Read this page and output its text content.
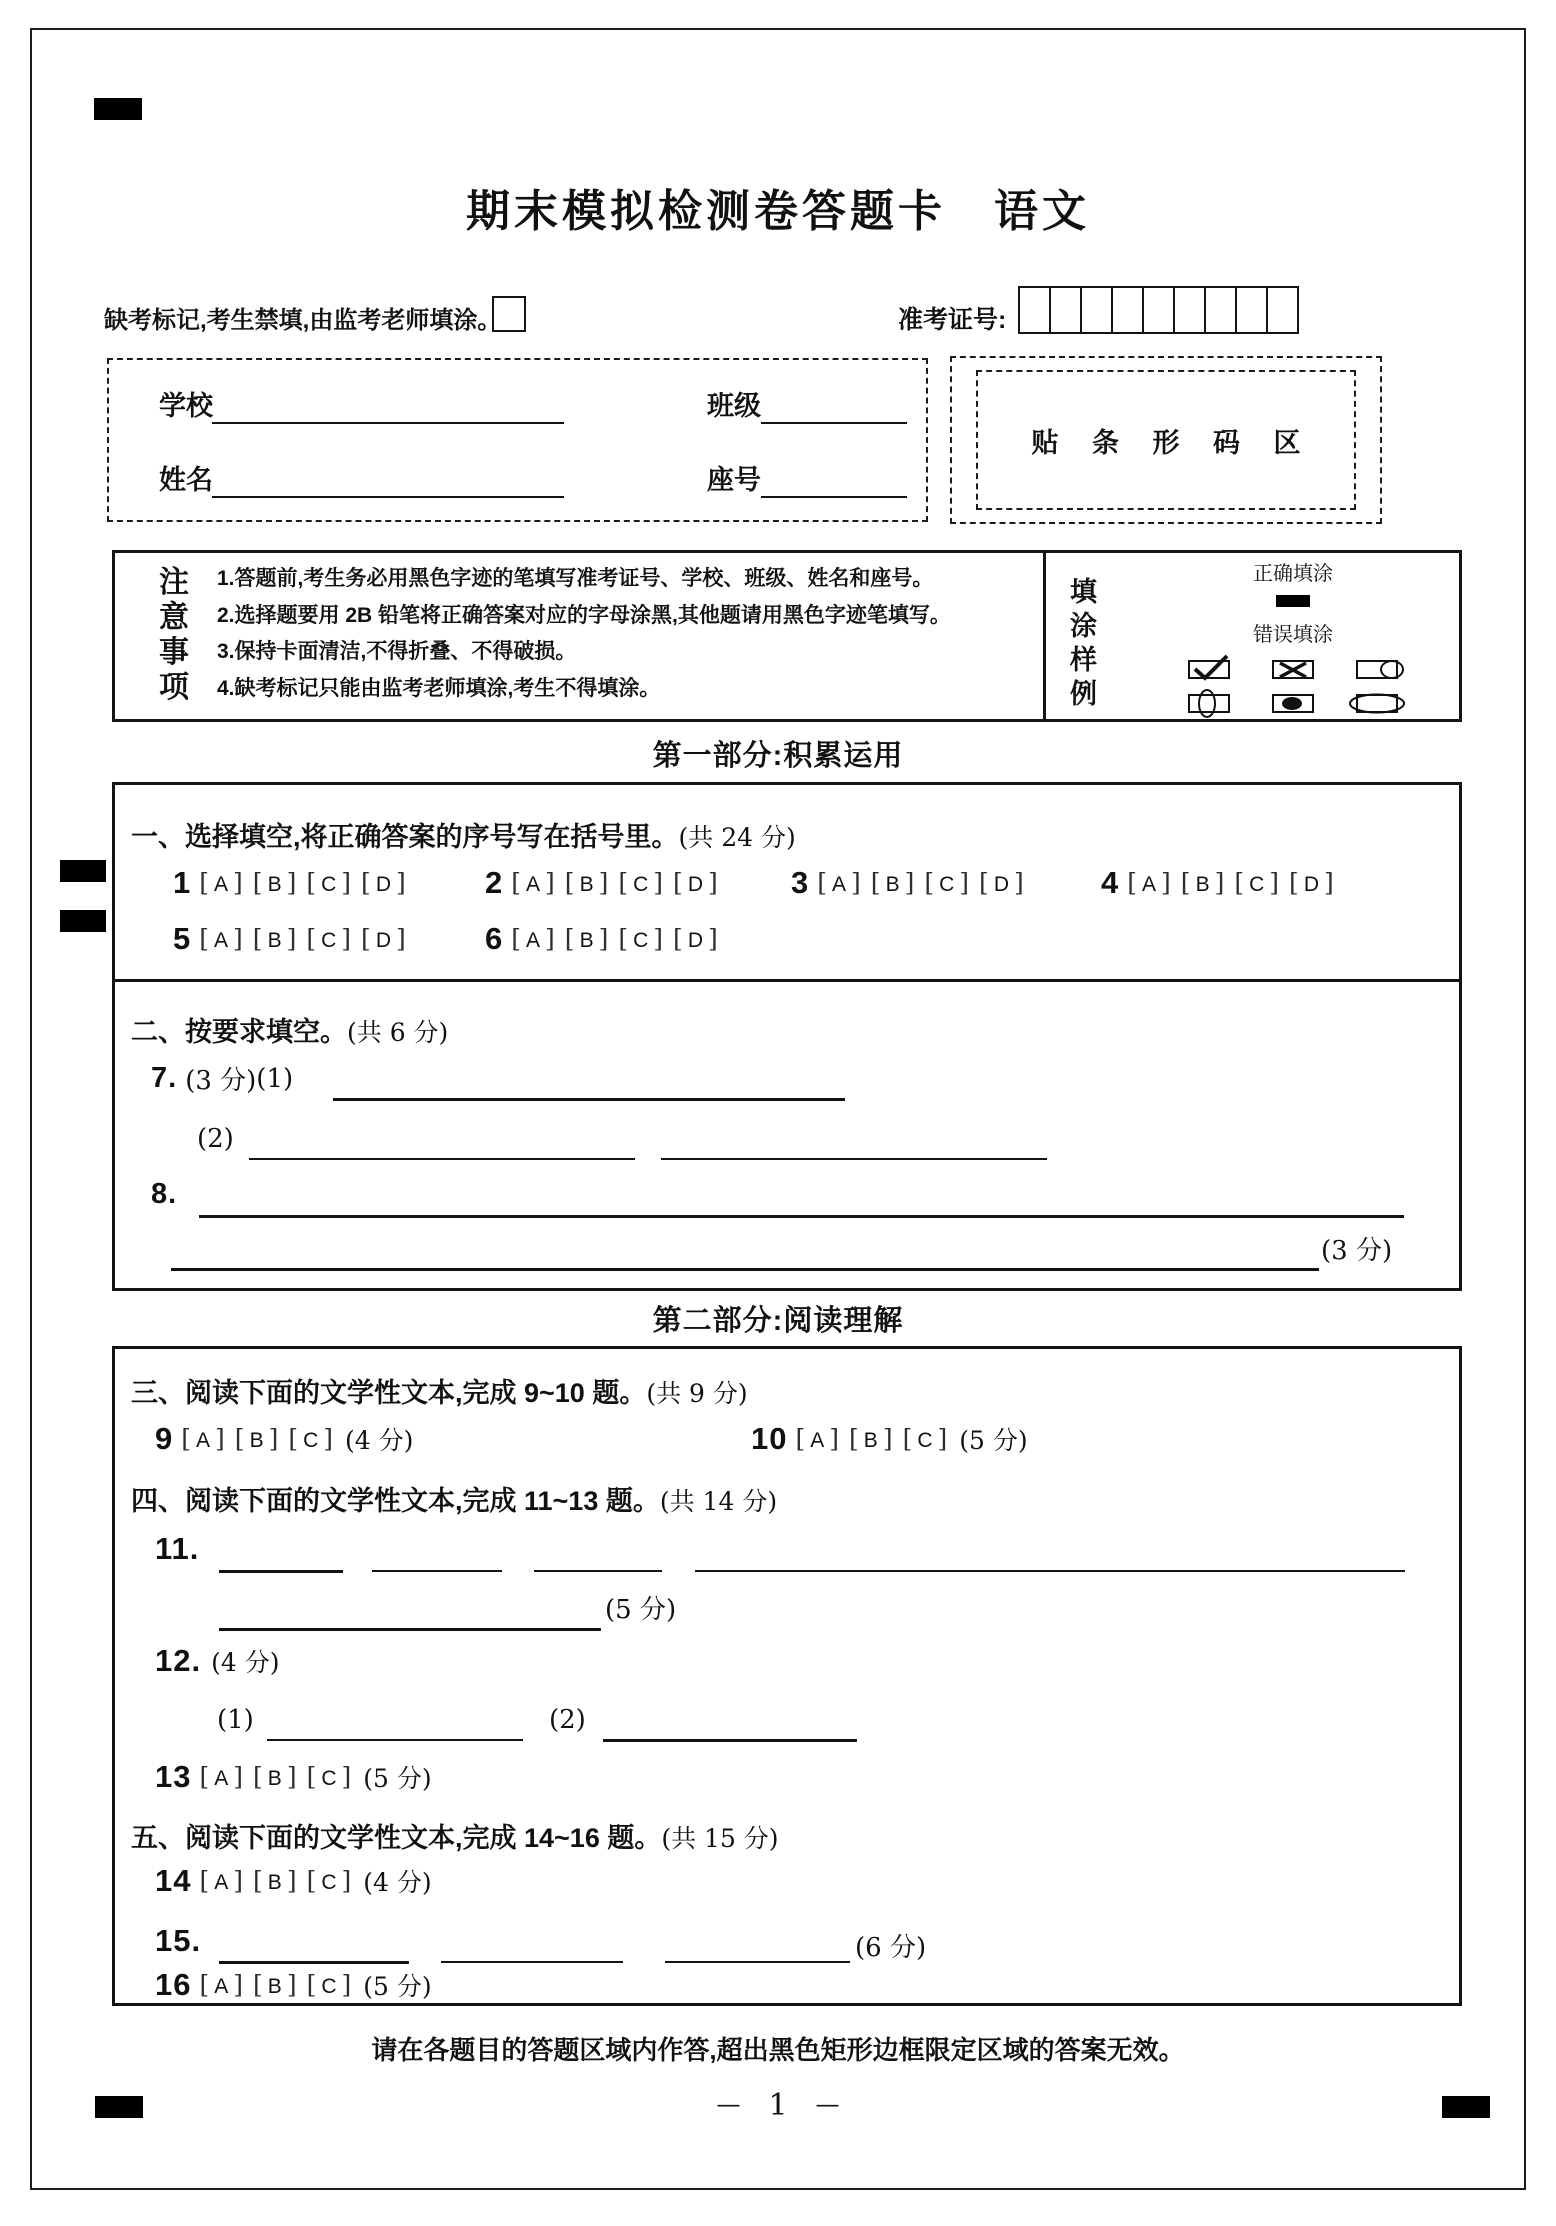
期末模拟检测卷答题卡　语文
缺考标记,考生禁填,由监考老师填涂。	准考证号:
学校	班级
姓名	座号
贴 条 形 码 区
注
意
事
项
1.答题前,考生务必用黑色字迹的笔填写准考证号、学校、班级、姓名和座号。
2.选择题要用 2B 铅笔将正确答案对应的字母涂黑,其他题请用黑色字迹笔填写。
3.保持卡面清洁,不得折叠、不得破损。
4.缺考标记只能由监考老师填涂,考生不得填涂。
填
涂
样
例
正确填涂
错误填涂
第一部分:积累运用
一、选择填空,将正确答案的序号写在括号里。(共 24 分)
1 [ A ] [ B ] [ C ] [ D ]	2 [ A ] [ B ] [ C ] [ D ] 3 [ A ] [ B ] [ C ] [ D ] 4 [ A ] [ B ] [ C ] [ D ]
5 [ A ] [ B ] [ C ] [ D ]	6 [ A ] [ B ] [ C ] [ D ]
二、按要求填空。(共 6 分)
7. (3 分) (1)
(2)
8.
(3 分)
第二部分:阅读理解
三、阅读下面的文学性文本,完成 9~10 题。(共 9 分)
9 [ A ] [ B ] [ C ] (4 分)	10 [ A ] [ B ] [ C ] (5 分)
四、阅读下面的文学性文本,完成 11~13 题。(共 14 分)
11.
(5 分)
12. (4 分)
(1)	(2)
13 [ A ] [ B ] [ C ] (5 分)
五、阅读下面的文学性文本,完成 14~16 题。(共 15 分)
14 [ A ] [ B ] [ C ] (4 分)
15.	(6 分)
16 [ A ] [ B ] [ C ] (5 分)
请在各题目的答题区域内作答,超出黑色矩形边框限定区域的答案无效。
— 1 —
